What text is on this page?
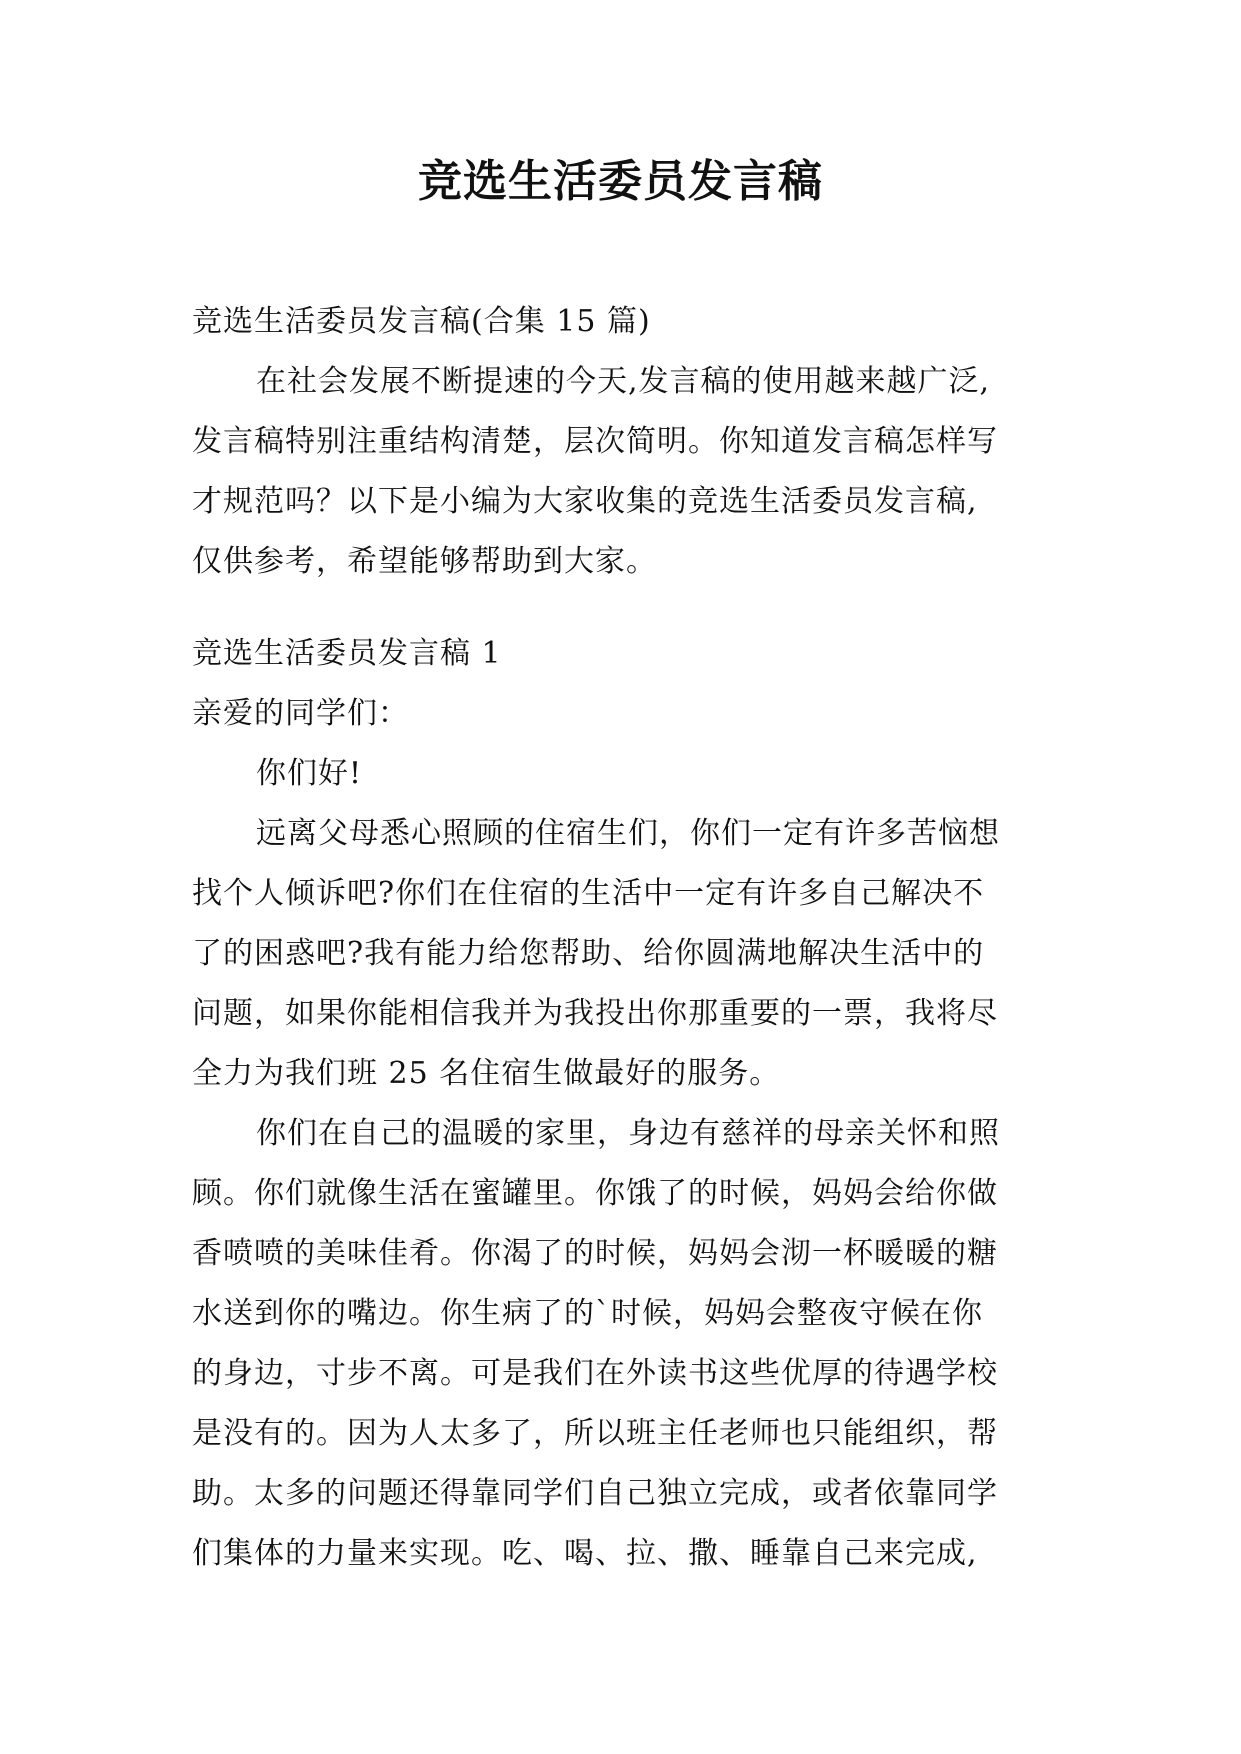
竞选生活委员发言稿

竞选生活委员发言稿(合集 15 篇)

在社会发展不断提速的今天,发言稿的使用越来越广泛,

发言稿特别注重结构清楚，层次简明。你知道发言稿怎样写

才规范吗？以下是小编为大家收集的竞选生活委员发言稿,

仅供参考，希望能够帮助到大家。

竞选生活委员发言稿 1

亲爱的同学们：

你们好!

远离父母悉心照顾的住宿生们，你们一定有许多苦恼想

找个人倾诉吧?你们在住宿的生活中一定有许多自己解决不

了的困惑吧?我有能力给您帮助、给你圆满地解决生活中的

问题，如果你能相信我并为我投出你那重要的一票，我将尽

全力为我们班 25 名住宿生做最好的服务。

你们在自己的温暖的家里，身边有慈祥的母亲关怀和照

顾。你们就像生活在蜜罐里。你饿了的时候，妈妈会给你做

香喷喷的美味佳肴。你渴了的时候，妈妈会沏一杯暖暖的糖

水送到你的嘴边。你生病了的`时候，妈妈会整夜守候在你

的身边，寸步不离。可是我们在外读书这些优厚的待遇学校

是没有的。因为人太多了，所以班主任老师也只能组织，帮

助。太多的问题还得靠同学们自己独立完成，或者依靠同学

们集体的力量来实现。吃、喝、拉、撒、睡靠自己来完成,
